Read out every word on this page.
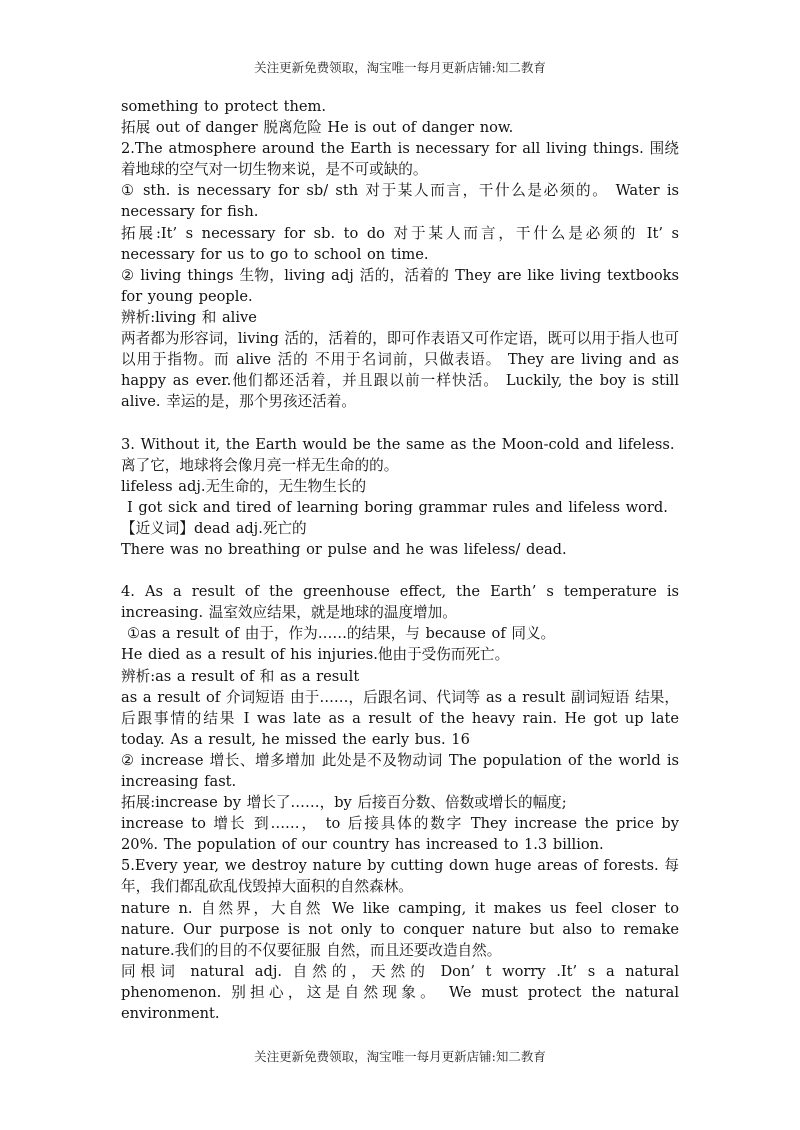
关注更新免费领取，淘宝唯一每月更新店铺:知二教育

something to protect them.

拓展 out of danger 脱离危险 He is out of danger now.

2.The atmosphere around the Earth is necessary for all living things. 围绕着地球的空气对一切生物来说，是不可或缺的。

① sth. is necessary for sb/ sth 对于某人而言，干什么是必须的。 Water is necessary for fish.

拓展:It’ s necessary for sb. to do 对于某人而言，干什么是必须的 It’ s necessary for us to go to school on time.

② living things 生物，living adj 活的，活着的 They are like living textbooks for young people.

辨析:living 和 alive

两者都为形容词，living 活的，活着的，即可作表语又可作定语，既可以用于指人也可 以用于指物。而 alive 活的 不用于名词前，只做表语。 They are living and as happy as ever.他们都还活着，并且跟以前一样快活。 Luckily, the boy is still alive. 幸运的是，那个男孩还活着。

3. Without it, the Earth would be the same as the Moon-cold and lifeless.

离了它，地球将会像月亮一样无生命的的。

lifeless adj.无生命的，无生物生长的

I got sick and tired of learning boring grammar rules and lifeless word.

【近义词】dead adj.死亡的

There was no breathing or pulse and he was lifeless/ dead.

4. As a result of the greenhouse effect, the Earth’ s temperature is increasing. 温室效应结果，就是地球的温度增加。

①as a result of 由于，作为……的结果，与 because of 同义。

He died as a result of his injuries.他由于受伤而死亡。

辨析:as a result of 和 as a result

as a result of 介词短语 由于……，后跟名词、代词等 as a result 副词短语 结果，后跟事情的结果 I was late as a result of the heavy rain. He got up late today. As a result, he missed the early bus. 16

② increase 增长、增多增加 此处是不及物动词 The population of the world is increasing fast.

拓展:increase by 增长了……，by 后接百分数、倍数或增长的幅度;

increase to 增长 到……， to 后接具体的数字 They increase the price by 20%. The population of our country has increased to 1.3 billion.

5.Every year, we destroy nature by cutting down huge areas of forests. 每年，我们都乱砍乱伐毁掉大面积的自然森林。

nature n. 自然界，大自然 We like camping, it makes us feel closer to nature. Our purpose is not only to conquer nature but also to remake nature.我们的目的不仅要征服 自然，而且还要改造自然。

同根词 natural adj. 自然的，天然的 Don’ t worry .It’ s a natural phenomenon. 别担心，这是自然现象。 We must protect the natural environment.

关注更新免费领取，淘宝唯一每月更新店铺:知二教育
